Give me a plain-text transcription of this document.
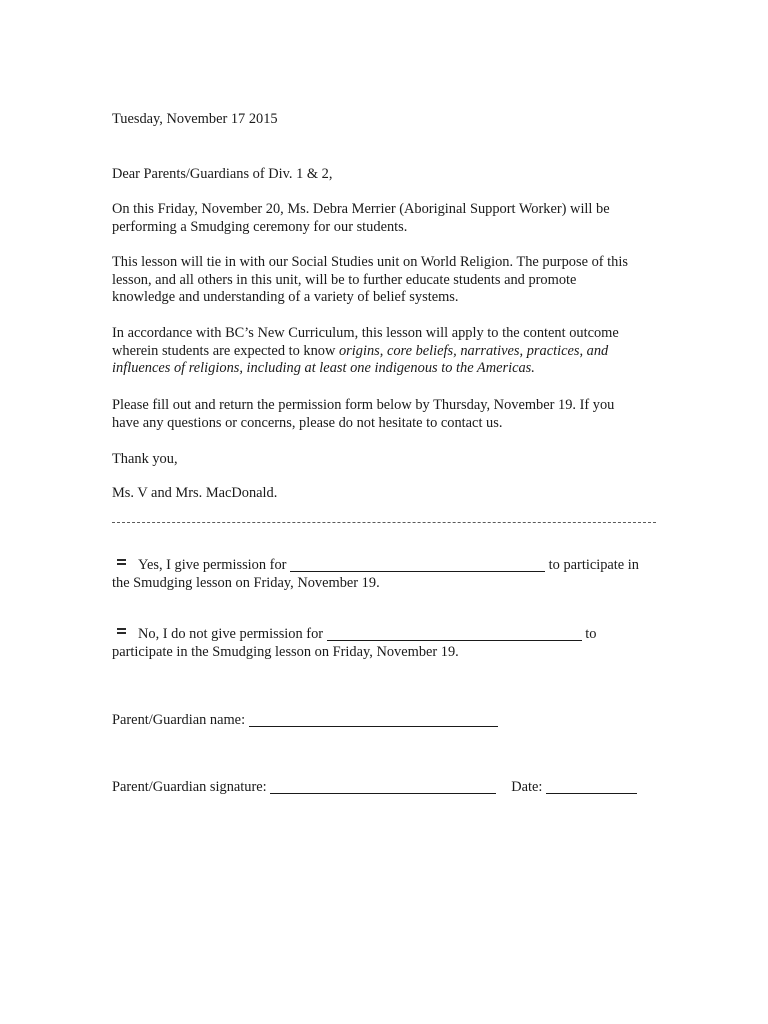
Tuesday, November 17 2015

Dear Parents/Guardians of Div. 1 & 2,

On this Friday, November 20, Ms. Debra Merrier (Aboriginal Support Worker) will be
performing a Smudging ceremony for our students.

This lesson will tie in with our Social Studies unit on World Religion. The purpose of this
lesson, and all others in this unit, will be to further educate students and promote
knowledge and understanding of a variety of belief systems.

In accordance with BC’s New Curriculum, this lesson will apply to the content outcome
wherein students are expected to know origins, core beliefs, narratives, practices, and
influences of religions, including at least one indigenous to the Americas.

Please fill out and return the permission form below by Thursday, November 19. If you
have any questions or concerns, please do not hesitate to contact us.

Thank you,

Ms. V and Mrs. MacDonald.

Yes, I give permission for	to participate in
the Smudging lesson on Friday, November 19.

No, I do not give permission for	to
participate in the Smudging lesson on Friday, November 19.

Parent/Guardian name:

Parent/Guardian signature:	Date:
